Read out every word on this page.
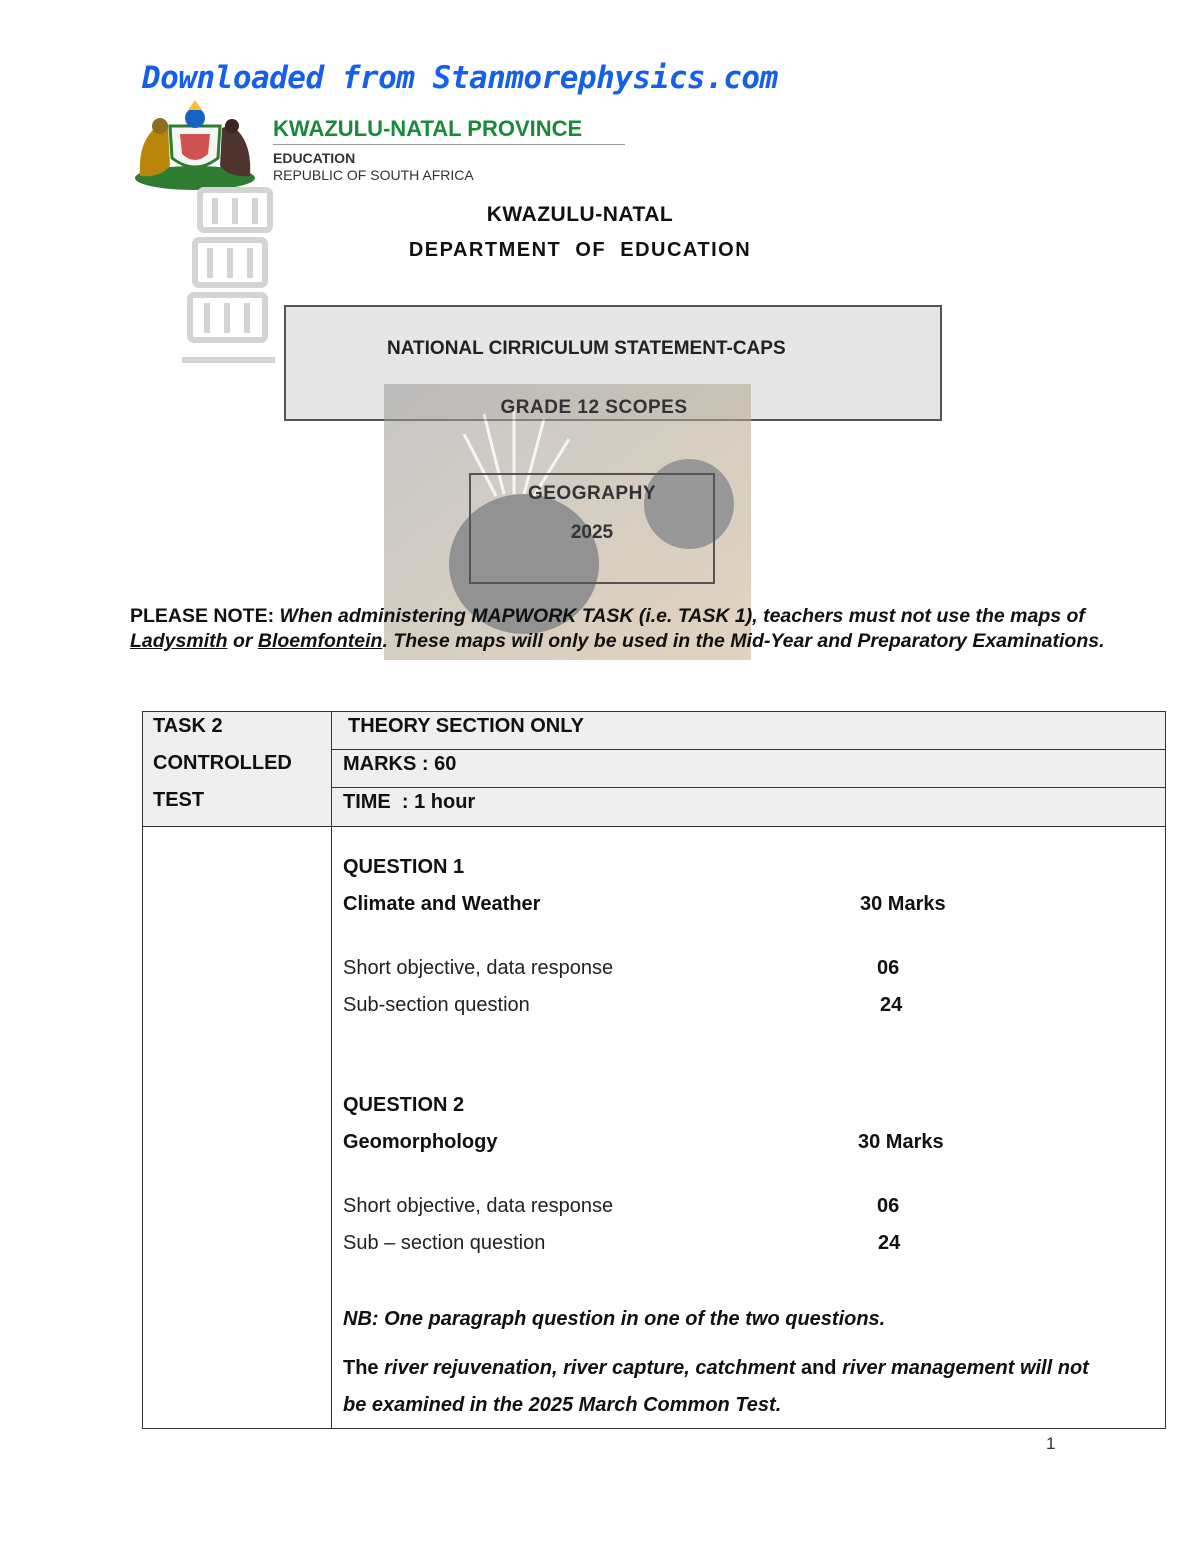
Downloaded from Stanmorephysics.com
KWAZULU-NATAL PROVINCE
EDUCATION
REPUBLIC OF SOUTH AFRICA
KWAZULU-NATAL
DEPARTMENT  OF  EDUCATION
NATIONAL CIRRICULUM STATEMENT-CAPS
GRADE 12 SCOPES
GEOGRAPHY
2025
PLEASE NOTE: When administering MAPWORK TASK (i.e. TASK 1), teachers must not use the maps of Ladysmith or Bloemfontein. These maps will only be used in the Mid-Year and Preparatory Examinations.
TASK 2
CONTROLLED
TEST
THEORY SECTION ONLY
MARKS : 60
TIME  : 1 hour
QUESTION 1
Climate and Weather	30 Marks
Short objective, data response	06
Sub-section question	24
QUESTION 2
Geomorphology	30 Marks
Short objective, data response	06
Sub – section question	24
NB: One paragraph question in one of the two questions.
The river rejuvenation, river capture, catchment and river management will not
be examined in the 2025 March Common Test.
1
